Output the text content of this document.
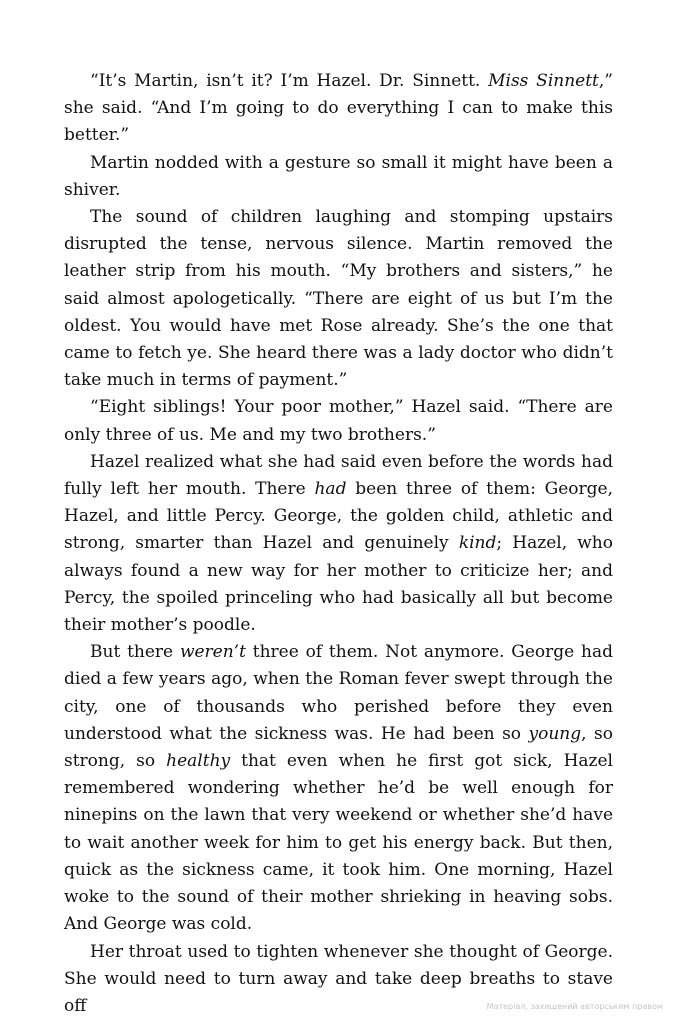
“It’s Martin, isn’t it? I’m Hazel. Dr. Sinnett. Miss Sinnett,” she said. “And I’m going to do everything I can to make this better.”

Martin nodded with a gesture so small it might have been a shiver.

The sound of children laughing and stomping upstairs disrupted the tense, nervous silence. Martin removed the leather strip from his mouth. “My brothers and sisters,” he said almost apologetically. “There are eight of us but I’m the oldest. You would have met Rose already. She’s the one that came to fetch ye. She heard there was a lady doctor who didn’t take much in terms of payment.”

“Eight siblings! Your poor mother,” Hazel said. “There are only three of us. Me and my two brothers.”

Hazel realized what she had said even before the words had fully left her mouth. There had been three of them: George, Hazel, and little Percy. George, the golden child, athletic and strong, smarter than Hazel and genuinely kind; Hazel, who always found a new way for her mother to criticize her; and Percy, the spoiled princeling who had basically all but become their mother’s poodle.

But there weren’t three of them. Not anymore. George had died a few years ago, when the Roman fever swept through the city, one of thousands who perished before they even understood what the sickness was. He had been so young, so strong, so healthy that even when he first got sick, Hazel remembered wondering whether he’d be well enough for ninepins on the lawn that very weekend or whether she’d have to wait another week for him to get his energy back. But then, quick as the sickness came, it took him. One morning, Hazel woke to the sound of their mother shrieking in heaving sobs. And George was cold.

Her throat used to tighten whenever she thought of George. She would need to turn away and take deep breaths to stave off	Матеріал, захищений авторським правом
